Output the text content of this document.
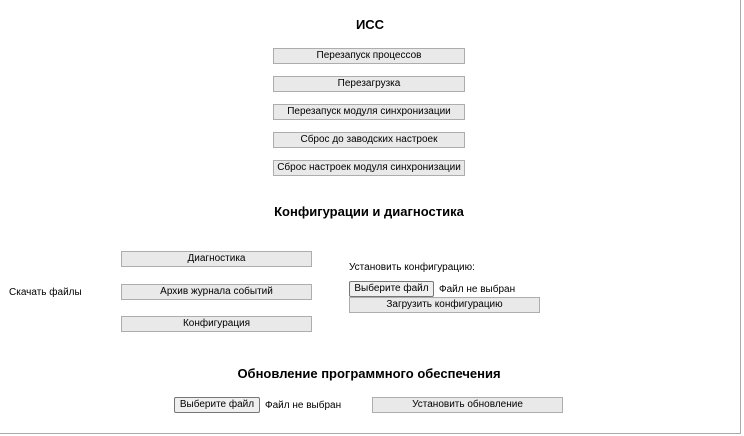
ИСС
Перезапуск процессов
Перезагрузка
Перезапуск модуля синхронизации
Сброс до заводских настроек
Сброс настроек модуля синхронизации
Конфигурации и диагностика
Скачать файлы
Диагностика
Архив журнала событий
Конфигурация
Установить конфигурацию:
Выберите файл	Файл не выбран
Загрузить конфигурацию
Обновление программного обеспечения
Выберите файл	Файл не выбран	Установить обновление
